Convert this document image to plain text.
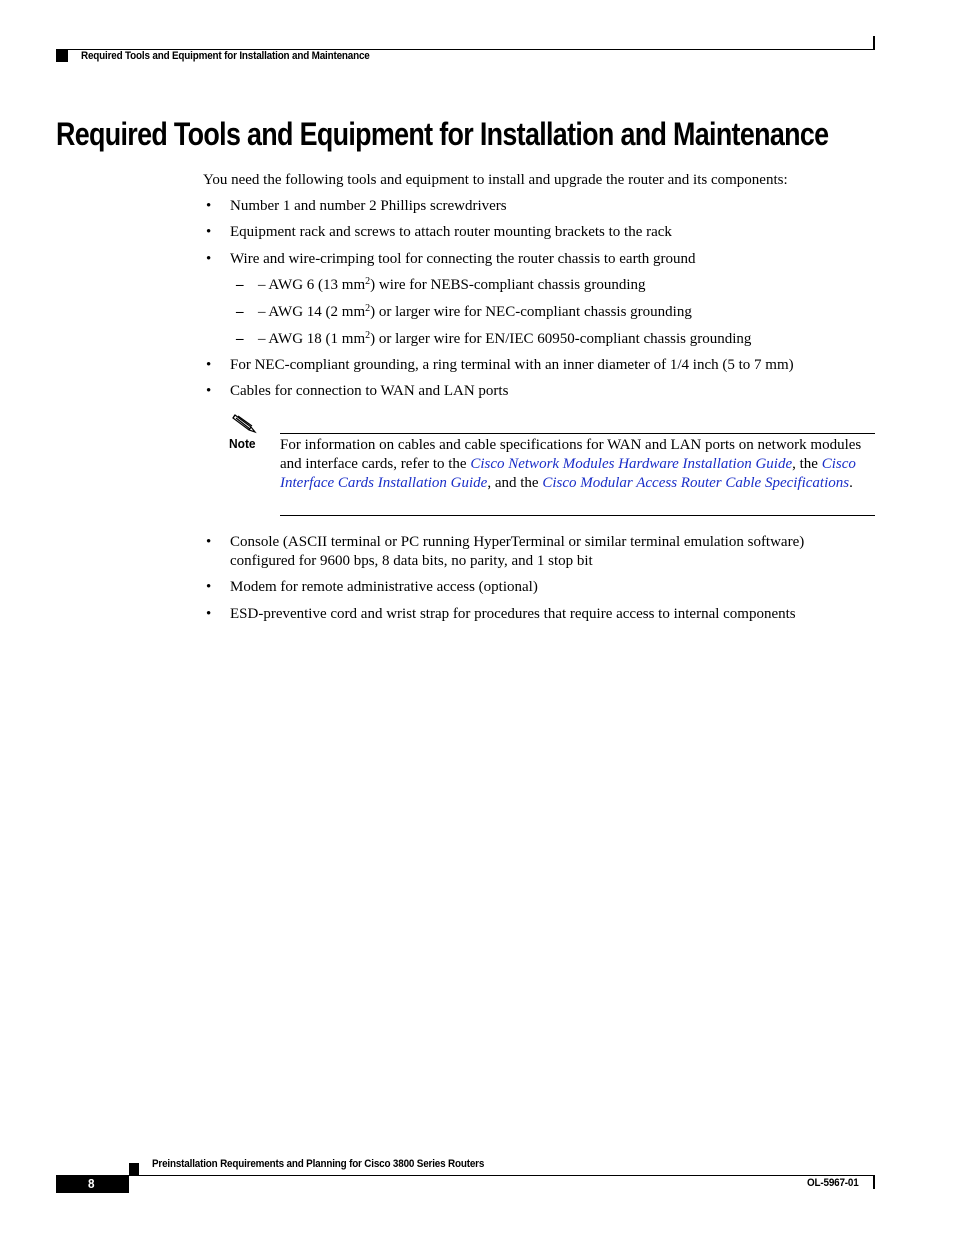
Required Tools and Equipment for Installation and Maintenance
Required Tools and Equipment for Installation and Maintenance
You need the following tools and equipment to install and upgrade the router and its components:
• Number 1 and number 2 Phillips screwdrivers
• Equipment rack and screws to attach router mounting brackets to the rack
• Wire and wire-crimping tool for connecting the router chassis to earth ground
– – AWG 6 (13 $mm^2$) wire for NEBS-compliant chassis grounding
– – AWG 14 (2 $mm^2$) or larger wire for NEC-compliant chassis grounding
– – AWG 18 (1 $mm^2$) or larger wire for EN/IEC 60950-compliant chassis grounding
• For NEC-compliant grounding, a ring terminal with an inner diameter of 1/4 inch (5 to 7 mm)
• Cables for connection to WAN and LAN ports
Note For information on cables and cable specifications for WAN and LAN ports on network modules and interface cards, refer to the Cisco Network Modules Hardware Installation Guide, the Cisco Interface Cards Installation Guide, and the Cisco Modular Access Router Cable Specifications.
• Console (ASCII terminal or PC running HyperTerminal or similar terminal emulation software)
configured for 9600 bps, 8 data bits, no parity, and 1 stop bit
• Modem for remote administrative access (optional)
• ESD-preventive cord and wrist strap for procedures that require access to internal components
Preinstallation Requirements and Planning for Cisco 3800 Series Routers
8	OL-5967-01
